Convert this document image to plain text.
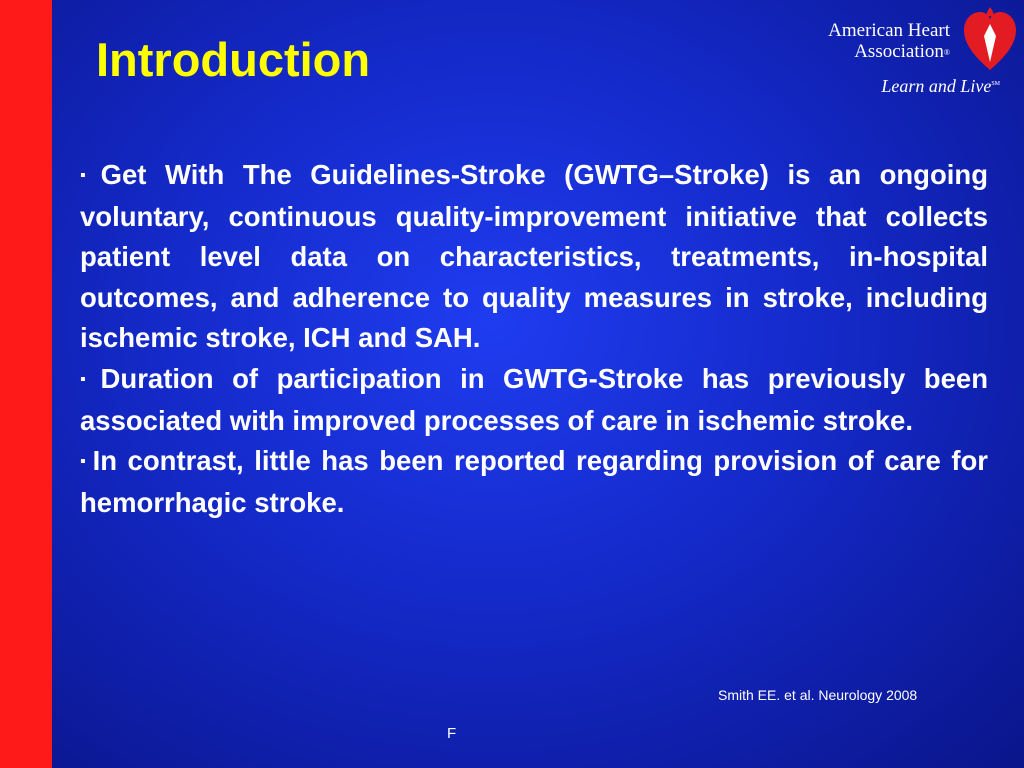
Introduction
American Heart
Association®
Learn and Live℠

▪ Get With The Guidelines-Stroke (GWTG–Stroke) is an ongoing voluntary, continuous quality-improvement initiative that collects patient level data on characteristics, treatments, in-hospital outcomes, and adherence to quality measures in stroke, including ischemic stroke, ICH and SAH.

▪ Duration of participation in GWTG-Stroke has previously been associated with improved processes of care in ischemic stroke.

▪ In contrast, little has been reported regarding provision of care for hemorrhagic stroke.

Smith EE. et al. Neurology 2008
F
